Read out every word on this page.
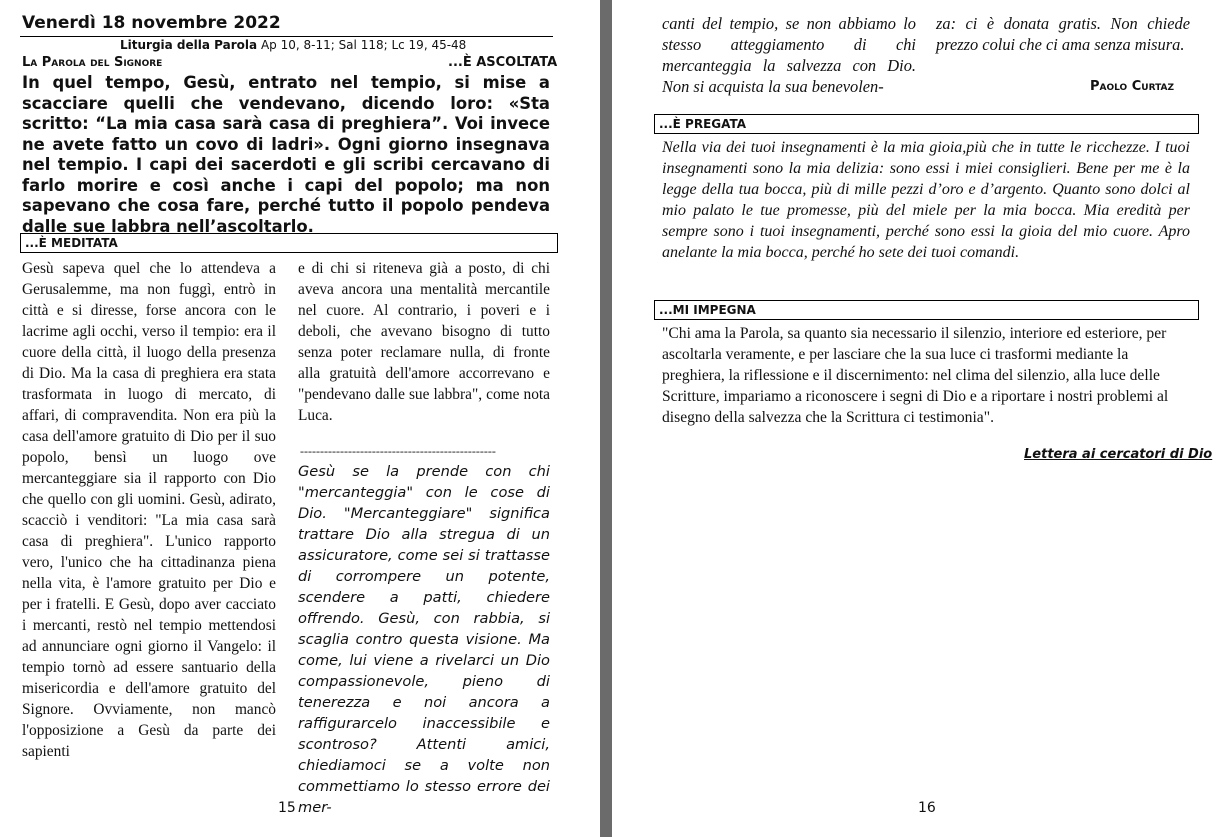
Venerdì 18 novembre 2022
Liturgia della Parola Ap 10, 8-11; Sal 118; Lc 19, 45-48
La Parola del Signore	...È ASCOLTATA

In quel tempo, Gesù, entrato nel tempio, si mise a scacciare quelli che vendevano, dicendo loro: «Sta scritto: “La mia casa sarà casa di preghiera”. Voi invece ne avete fatto un covo di ladri». Ogni giorno insegnava nel tempio. I capi dei sacerdoti e gli scribi cercavano di farlo morire e così anche i capi del popolo; ma non sapevano che cosa fare, perché tutto il popolo pendeva dalle sue labbra nell’ascoltarlo.

...È MEDITATA

Gesù sapeva quel che lo attendeva a Gerusalemme, ma non fuggì, entrò in città e si diresse, forse ancora con le lacrime agli occhi, verso il tempio: era il cuore della città, il luogo della presenza di Dio. Ma la casa di preghiera era stata trasformata in luogo di mercato, di affari, di compravendita. Non era più la casa dell'amore gratuito di Dio per il suo popolo, bensì un luogo ove mercanteggiare sia il rapporto con Dio che quello con gli uomini. Gesù, adirato, scacciò i venditori: "La mia casa sarà casa di preghiera". L'unico rapporto vero, l'unico che ha cittadinanza piena nella vita, è l'amore gratuito per Dio e per i fratelli. E Gesù, dopo aver cacciato i mercanti, restò nel tempio mettendosi ad annunciare ogni giorno il Vangelo: il tempio tornò ad essere santuario della misericordia e dell'amore gratuito del Signore. Ovviamente, non mancò l'opposizione a Gesù da parte dei sapienti

e di chi si riteneva già a posto, di chi aveva ancora una mentalità mercantile nel cuore. Al contrario, i poveri e i deboli, che avevano bisogno di tutto senza poter reclamare nulla, di fronte alla gratuità dell'amore accorrevano e "pendevano dalle sue labbra", come nota Luca.

-------------------------------------------------

Gesù se la prende con chi "mercanteggia" con le cose di Dio. "Mercanteggiare" significa trattare Dio alla stregua di un assicuratore, come sei si trattasse di corrompere un potente, scendere a patti, chiedere offrendo. Gesù, con rabbia, si scaglia contro questa visione. Ma come, lui viene a rivelarci un Dio compassionevole, pieno di tenerezza e noi ancora a raffigurarcelo inaccessibile e scontroso? Attenti amici, chiediamoci se a volte non commettiamo lo stesso errore dei mer-

15

canti del tempio, se non abbiamo lo stesso atteggiamento di chi mercanteggia la salvezza con Dio. Non si acquista la sua benevolen-

za: ci è donata gratis. Non chiede prezzo colui che ci ama senza misura.

Paolo Curtaz
...È PREGATA

Nella via dei tuoi insegnamenti è la mia gioia,più che in tutte le ricchezze. I tuoi insegnamenti sono la mia delizia: sono essi i miei consiglieri. Bene per me è la legge della tua bocca, più di mille pezzi d’oro e d’argento. Quanto sono dolci al mio palato le tue promesse, più del miele per la mia bocca. Mia eredità per sempre sono i tuoi insegnamenti, perché sono essi la gioia del mio cuore. Apro anelante la mia bocca, perché ho sete dei tuoi comandi.

...MI IMPEGNA

"Chi ama la Parola, sa quanto sia necessario il silenzio, interiore ed esteriore, per ascoltarla veramente, e per lasciare che la sua luce ci trasformi mediante la preghiera, la riflessione e il discernimento: nel clima del silenzio, alla luce delle Scritture, impariamo a riconoscere i segni di Dio e a riportare i nostri problemi al disegno della salvezza che la Scrittura ci testimonia".

Lettera ai cercatori di Dio
16
